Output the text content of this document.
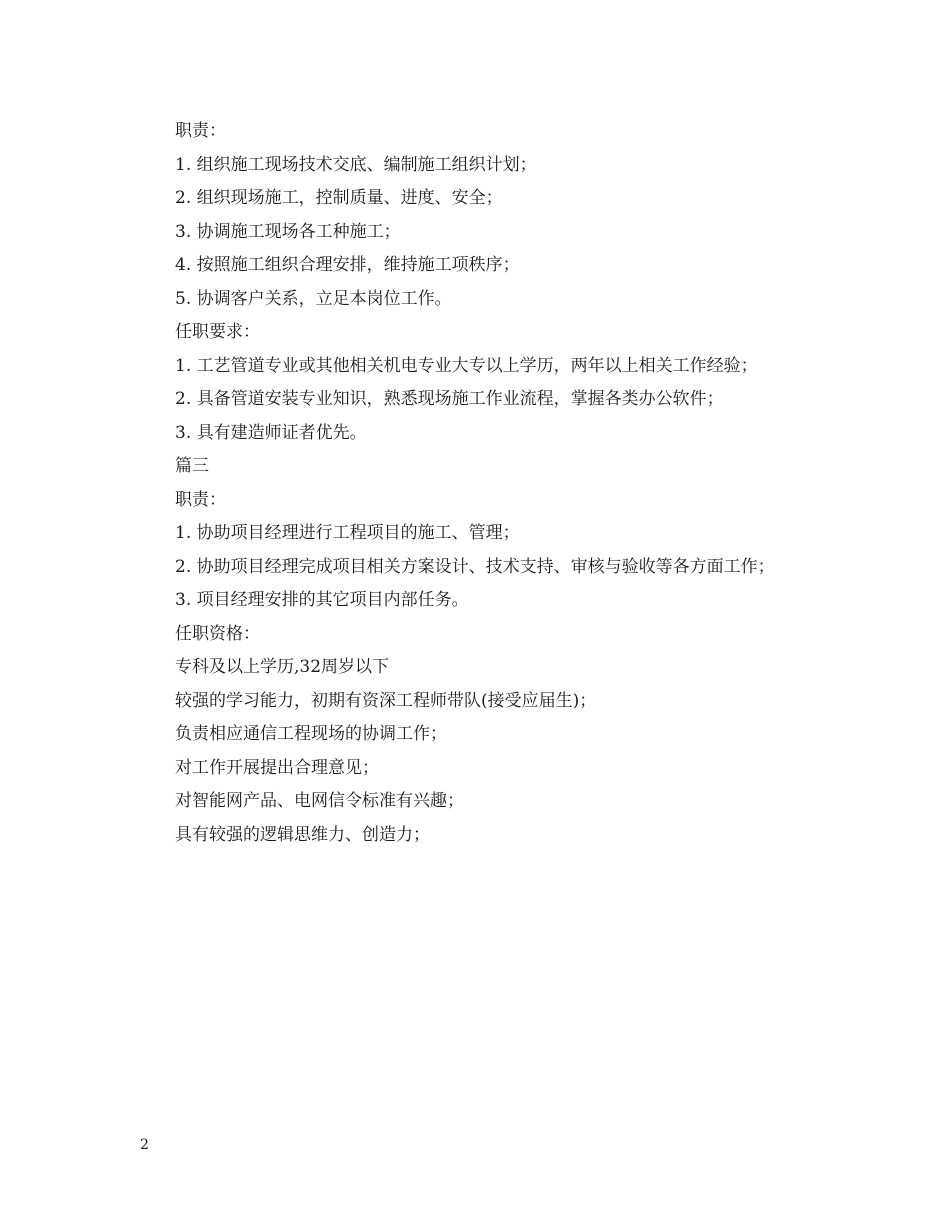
职责：

1. 组织施工现场技术交底、编制施工组织计划；

2. 组织现场施工，控制质量、进度、安全；

3. 协调施工现场各工种施工；

4. 按照施工组织合理安排，维持施工项秩序；

5. 协调客户关系，立足本岗位工作。

任职要求：

1. 工艺管道专业或其他相关机电专业大专以上学历，两年以上相关工作经验；

2. 具备管道安装专业知识，熟悉现场施工作业流程，掌握各类办公软件；

3. 具有建造师证者优先。

篇三

职责：

1. 协助项目经理进行工程项目的施工、管理；

2. 协助项目经理完成项目相关方案设计、技术支持、审核与验收等各方面工作；

3. 项目经理安排的其它项目内部任务。

任职资格：

专科及以上学历,32周岁以下

较强的学习能力，初期有资深工程师带队(接受应届生)；

负责相应通信工程现场的协调工作；

对工作开展提出合理意见；

对智能网产品、电网信令标准有兴趣；

具有较强的逻辑思维力、创造力；

2
